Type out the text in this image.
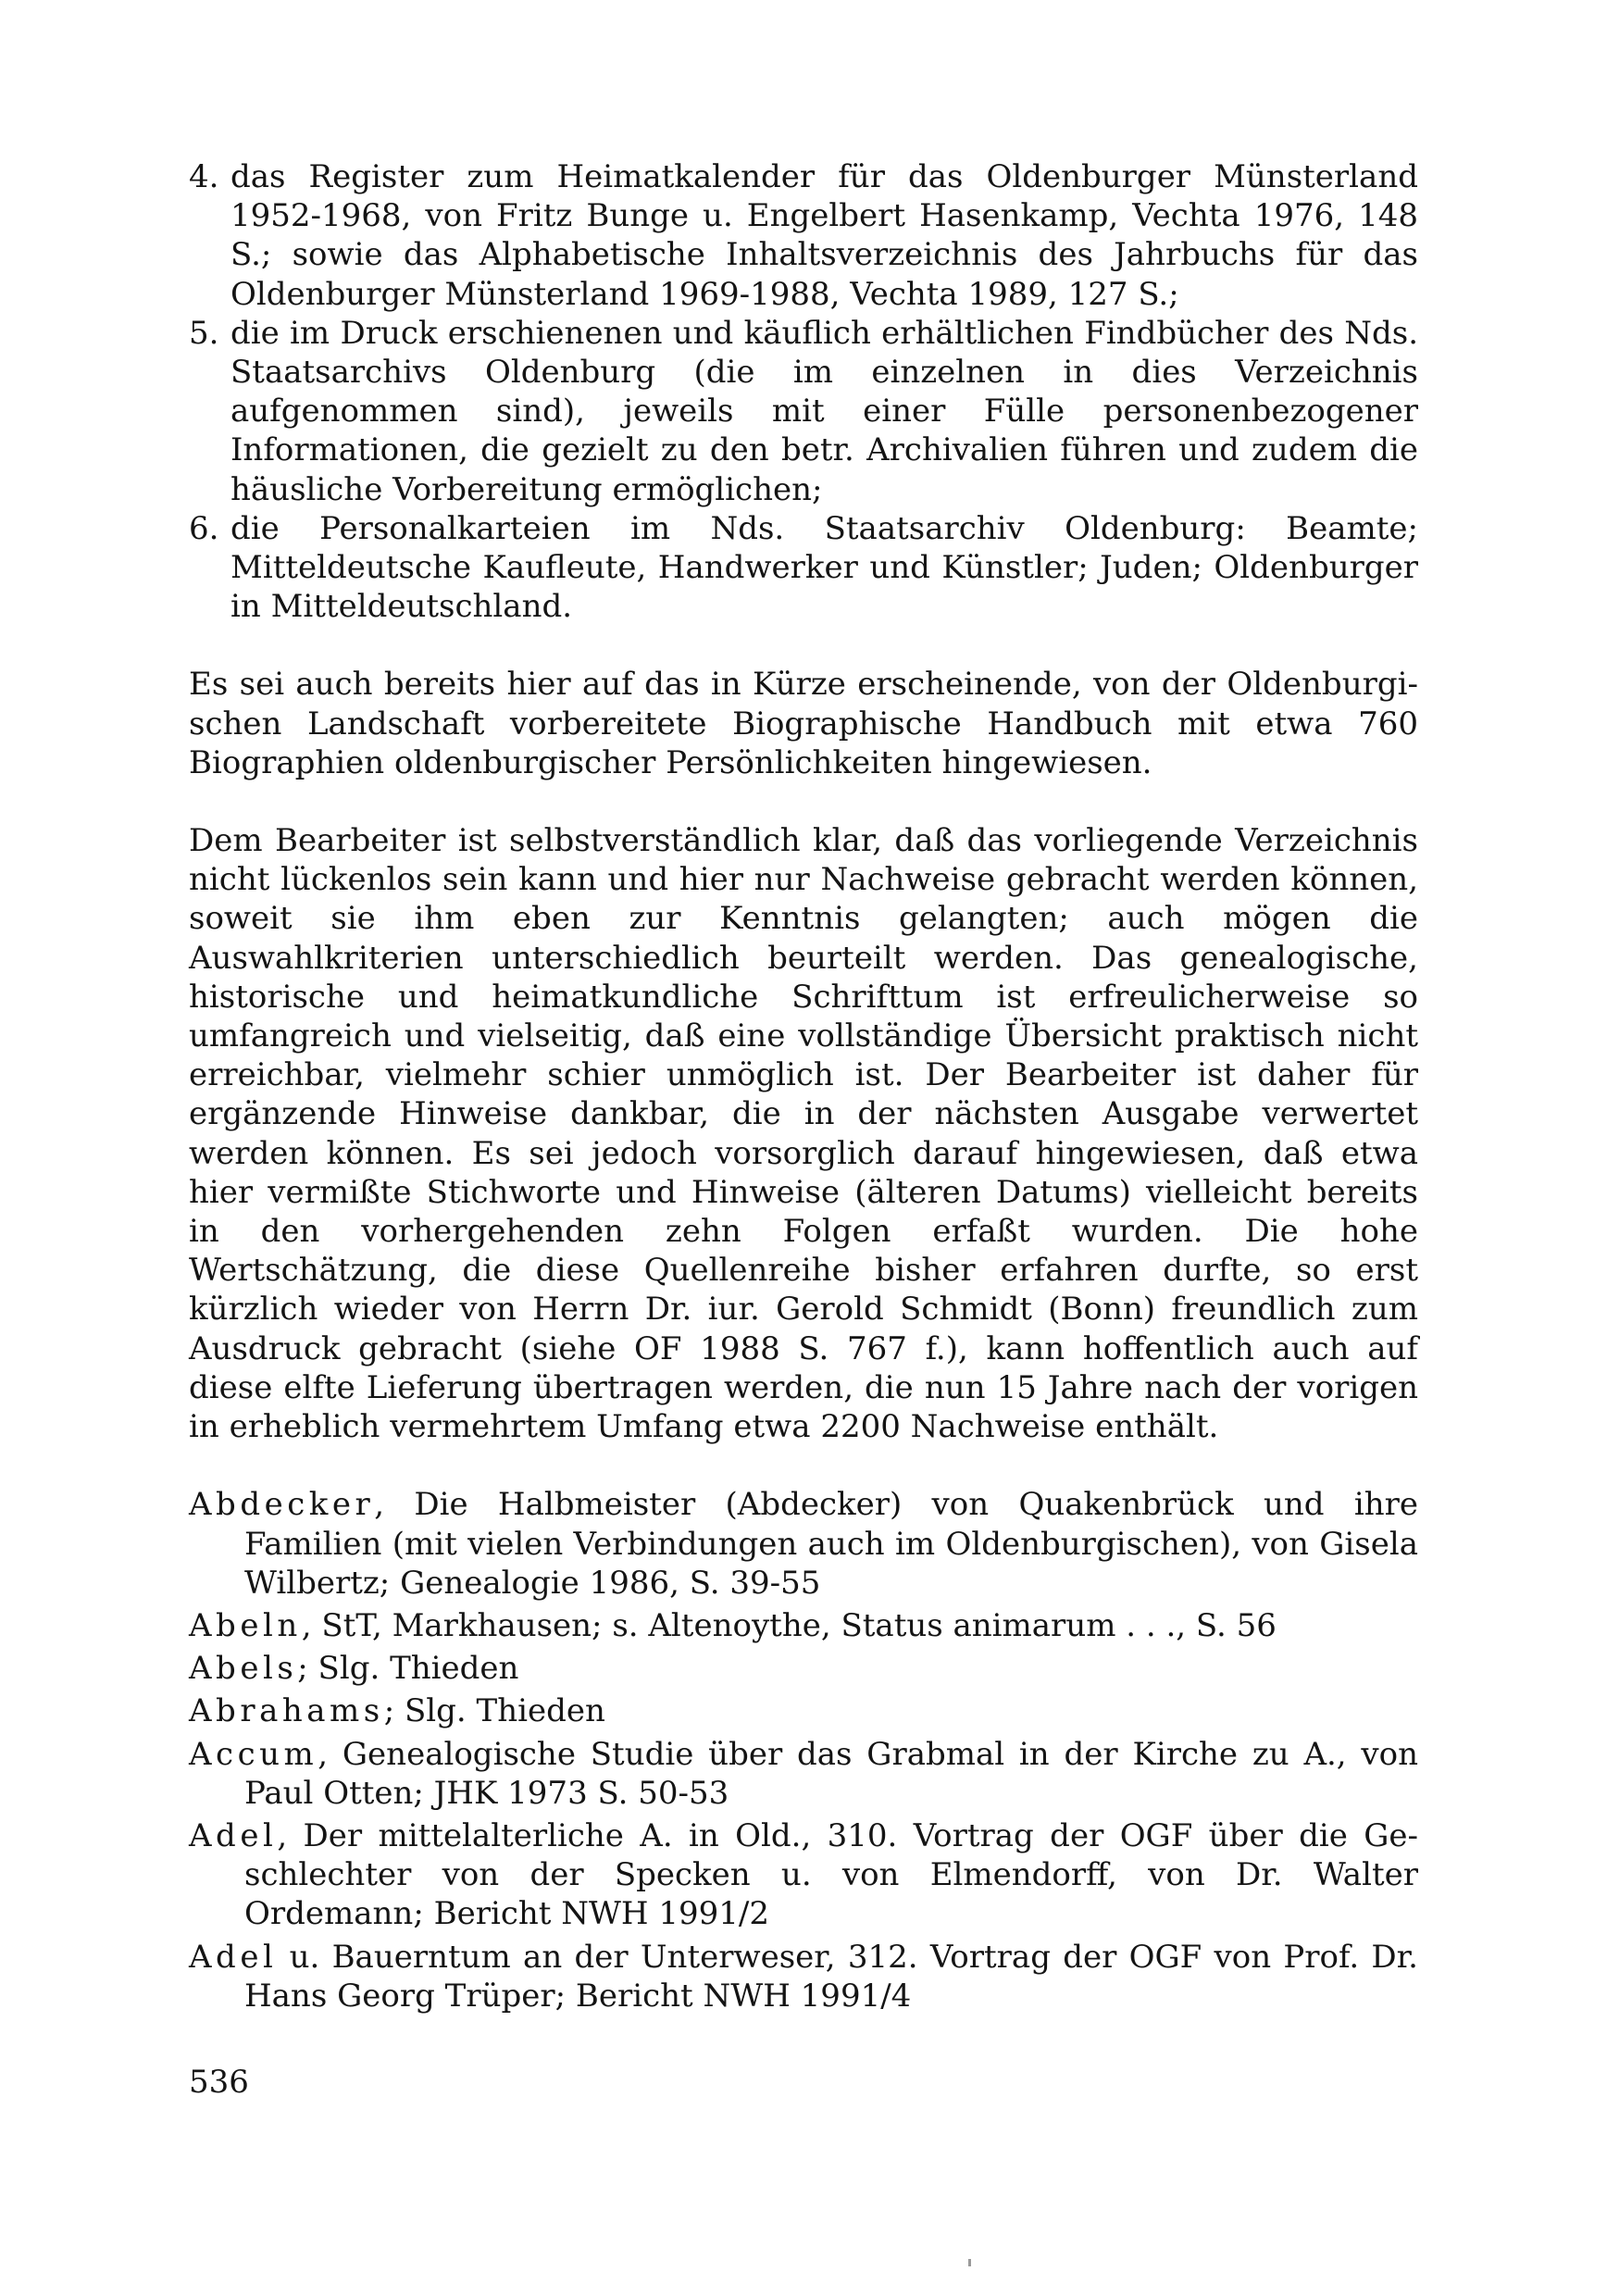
4. das Register zum Heimatkalender für das Oldenburger Münsterland 1952-1968, von Fritz Bunge u. Engelbert Hasenkamp, Vechta 1976, 148 S.; sowie das Alphabetische Inhaltsverzeichnis des Jahrbuchs für das Oldenburger Münsterland 1969-1988, Vechta 1989, 127 S.;
5. die im Druck erschienenen und käuflich erhältlichen Findbücher des Nds. Staatsarchivs Oldenburg (die im einzelnen in dies Verzeichnis aufgenommen sind), jeweils mit einer Fülle personenbezogener Informationen, die gezielt zu den betr. Archivalien führen und zudem die häusliche Vorbereitung ermöglichen;
6. die Personalkarteien im Nds. Staatsarchiv Oldenburg: Beamte; Mitteldeutsche Kaufleute, Handwerker und Künstler; Juden; Oldenburger in Mitteldeutschland.

Es sei auch bereits hier auf das in Kürze erscheinende, von der Oldenburgischen Landschaft vorbereitete Biographische Handbuch mit etwa 760 Biographien oldenburgischer Persönlichkeiten hingewiesen.

Dem Bearbeiter ist selbstverständlich klar, daß das vorliegende Verzeichnis nicht lückenlos sein kann und hier nur Nachweise gebracht werden können, soweit sie ihm eben zur Kenntnis gelangten; auch mögen die Auswahlkriterien unterschiedlich beurteilt werden. Das genealogische, historische und heimatkundliche Schrifttum ist erfreulicherweise so umfangreich und vielseitig, daß eine vollständige Übersicht praktisch nicht erreichbar, vielmehr schier unmöglich ist. Der Bearbeiter ist daher für ergänzende Hinweise dankbar, die in der nächsten Ausgabe verwertet werden können. Es sei jedoch vorsorglich darauf hingewiesen, daß etwa hier vermißte Stichworte und Hinweise (älteren Datums) vielleicht bereits in den vorhergehenden zehn Folgen erfaßt wurden. Die hohe Wertschätzung, die diese Quellenreihe bisher erfahren durfte, so erst kürzlich wieder von Herrn Dr. iur. Gerold Schmidt (Bonn) freundlich zum Ausdruck gebracht (siehe OF 1988 S. 767 f.), kann hoffentlich auch auf diese elfte Lieferung übertragen werden, die nun 15 Jahre nach der vorigen in erheblich vermehrtem Umfang etwa 2200 Nachweise enthält.

Abdecker, Die Halbmeister (Abdecker) von Quakenbrück und ihre Familien (mit vielen Verbindungen auch im Oldenburgischen), von Gisela Wilbertz; Genealogie 1986, S. 39-55

Abeln, StT, Markhausen; s. Altenoythe, Status animarum . . ., S. 56

Abels; Slg. Thieden

Abrahams; Slg. Thieden

Accum, Genealogische Studie über das Grabmal in der Kirche zu A., von Paul Otten; JHK 1973 S. 50-53

Adel, Der mittelalterliche A. in Old., 310. Vortrag der OGF über die Geschlechter von der Specken u. von Elmendorff, von Dr. Walter Ordemann; Bericht NWH 1991/2

Adel u. Bauerntum an der Unterweser, 312. Vortrag der OGF von Prof. Dr. Hans Georg Trüper; Bericht NWH 1991/4

536
